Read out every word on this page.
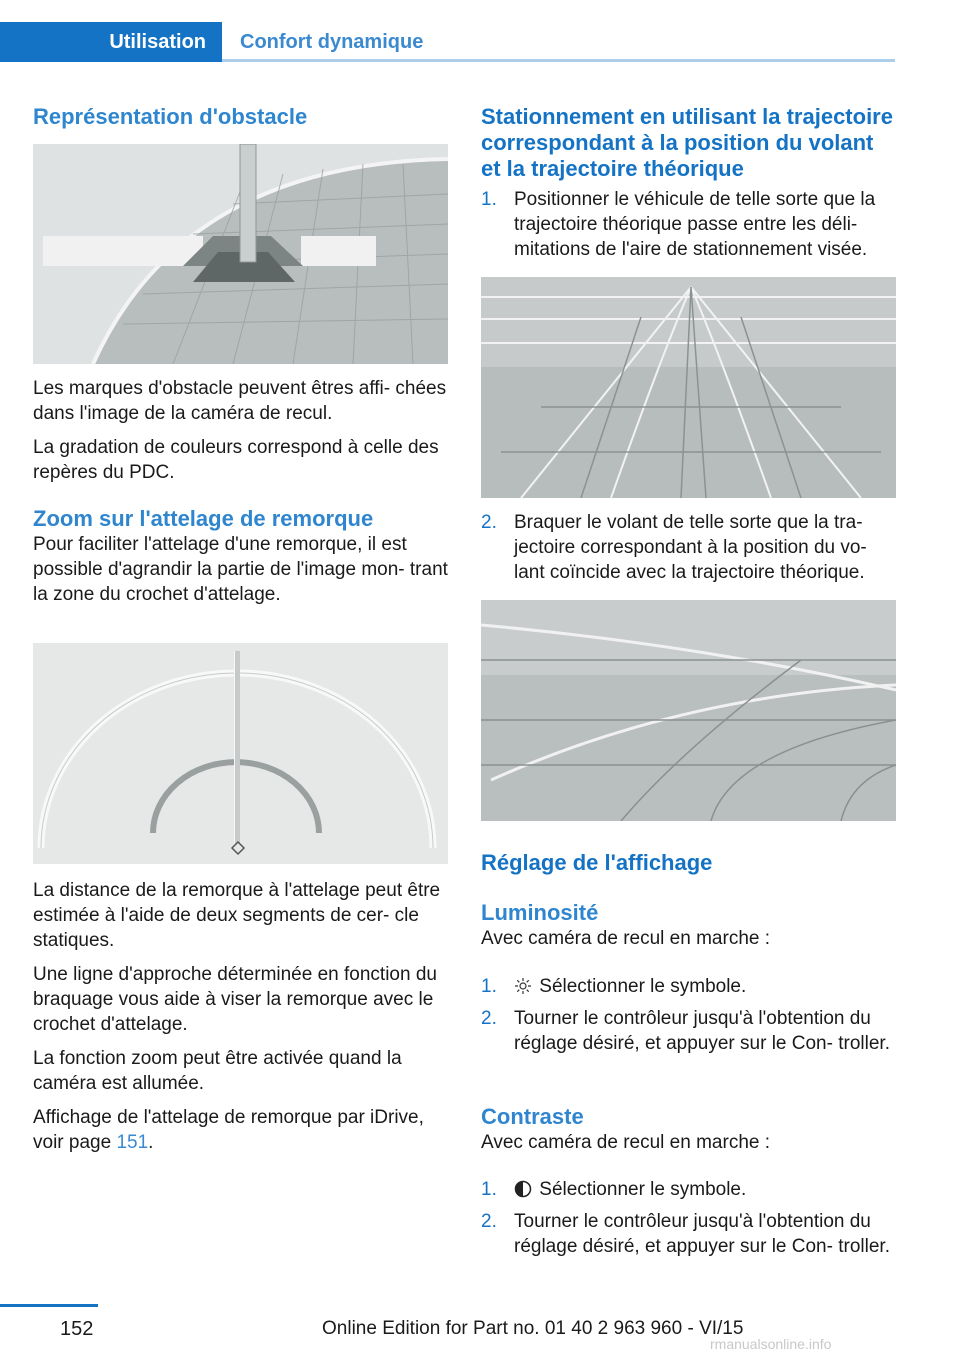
Utilisation	Confort dynamique
Représentation d'obstacle

Les marques d'obstacle peuvent êtres affi‐ chées dans l'image de la caméra de recul.

La gradation de couleurs correspond à celle des repères du PDC.

Zoom sur l'attelage de remorque

Pour faciliter l'attelage d'une remorque, il est possible d'agrandir la partie de l'image mon‐ trant la zone du crochet d'attelage.

La distance de la remorque à l'attelage peut être estimée à l'aide de deux segments de cer‐ cle statiques.

Une ligne d'approche déterminée en fonction du braquage vous aide à viser la remorque avec le crochet d'attelage.

La fonction zoom peut être activée quand la caméra est allumée.

Affichage de l'attelage de remorque par iDrive, voir page 151.

Stationnement en utilisant la trajectoire correspondant à la position du volant et la trajectoire théorique
1. Positionner le véhicule de telle sorte que la trajectoire théorique passe entre les déli‐ mitations de l'aire de stationnement visée.
2. Braquer le volant de telle sorte que la tra‐ jectoire correspondant à la position du vo‐ lant coïncide avec la trajectoire théorique.
Réglage de l'affichage
Luminosité

Avec caméra de recul en marche :

1.	Sélectionner le symbole.
2. Tourner le contrôleur jusqu'à l'obtention du réglage désiré, et appuyer sur le Con‐ troller.
Contraste

Avec caméra de recul en marche :

1.	Sélectionner le symbole.
2. Tourner le contrôleur jusqu'à l'obtention du réglage désiré, et appuyer sur le Con‐ troller.
152	Online Edition for Part no. 01 40 2 963 960 - VI/15
rmanualsonline.info
